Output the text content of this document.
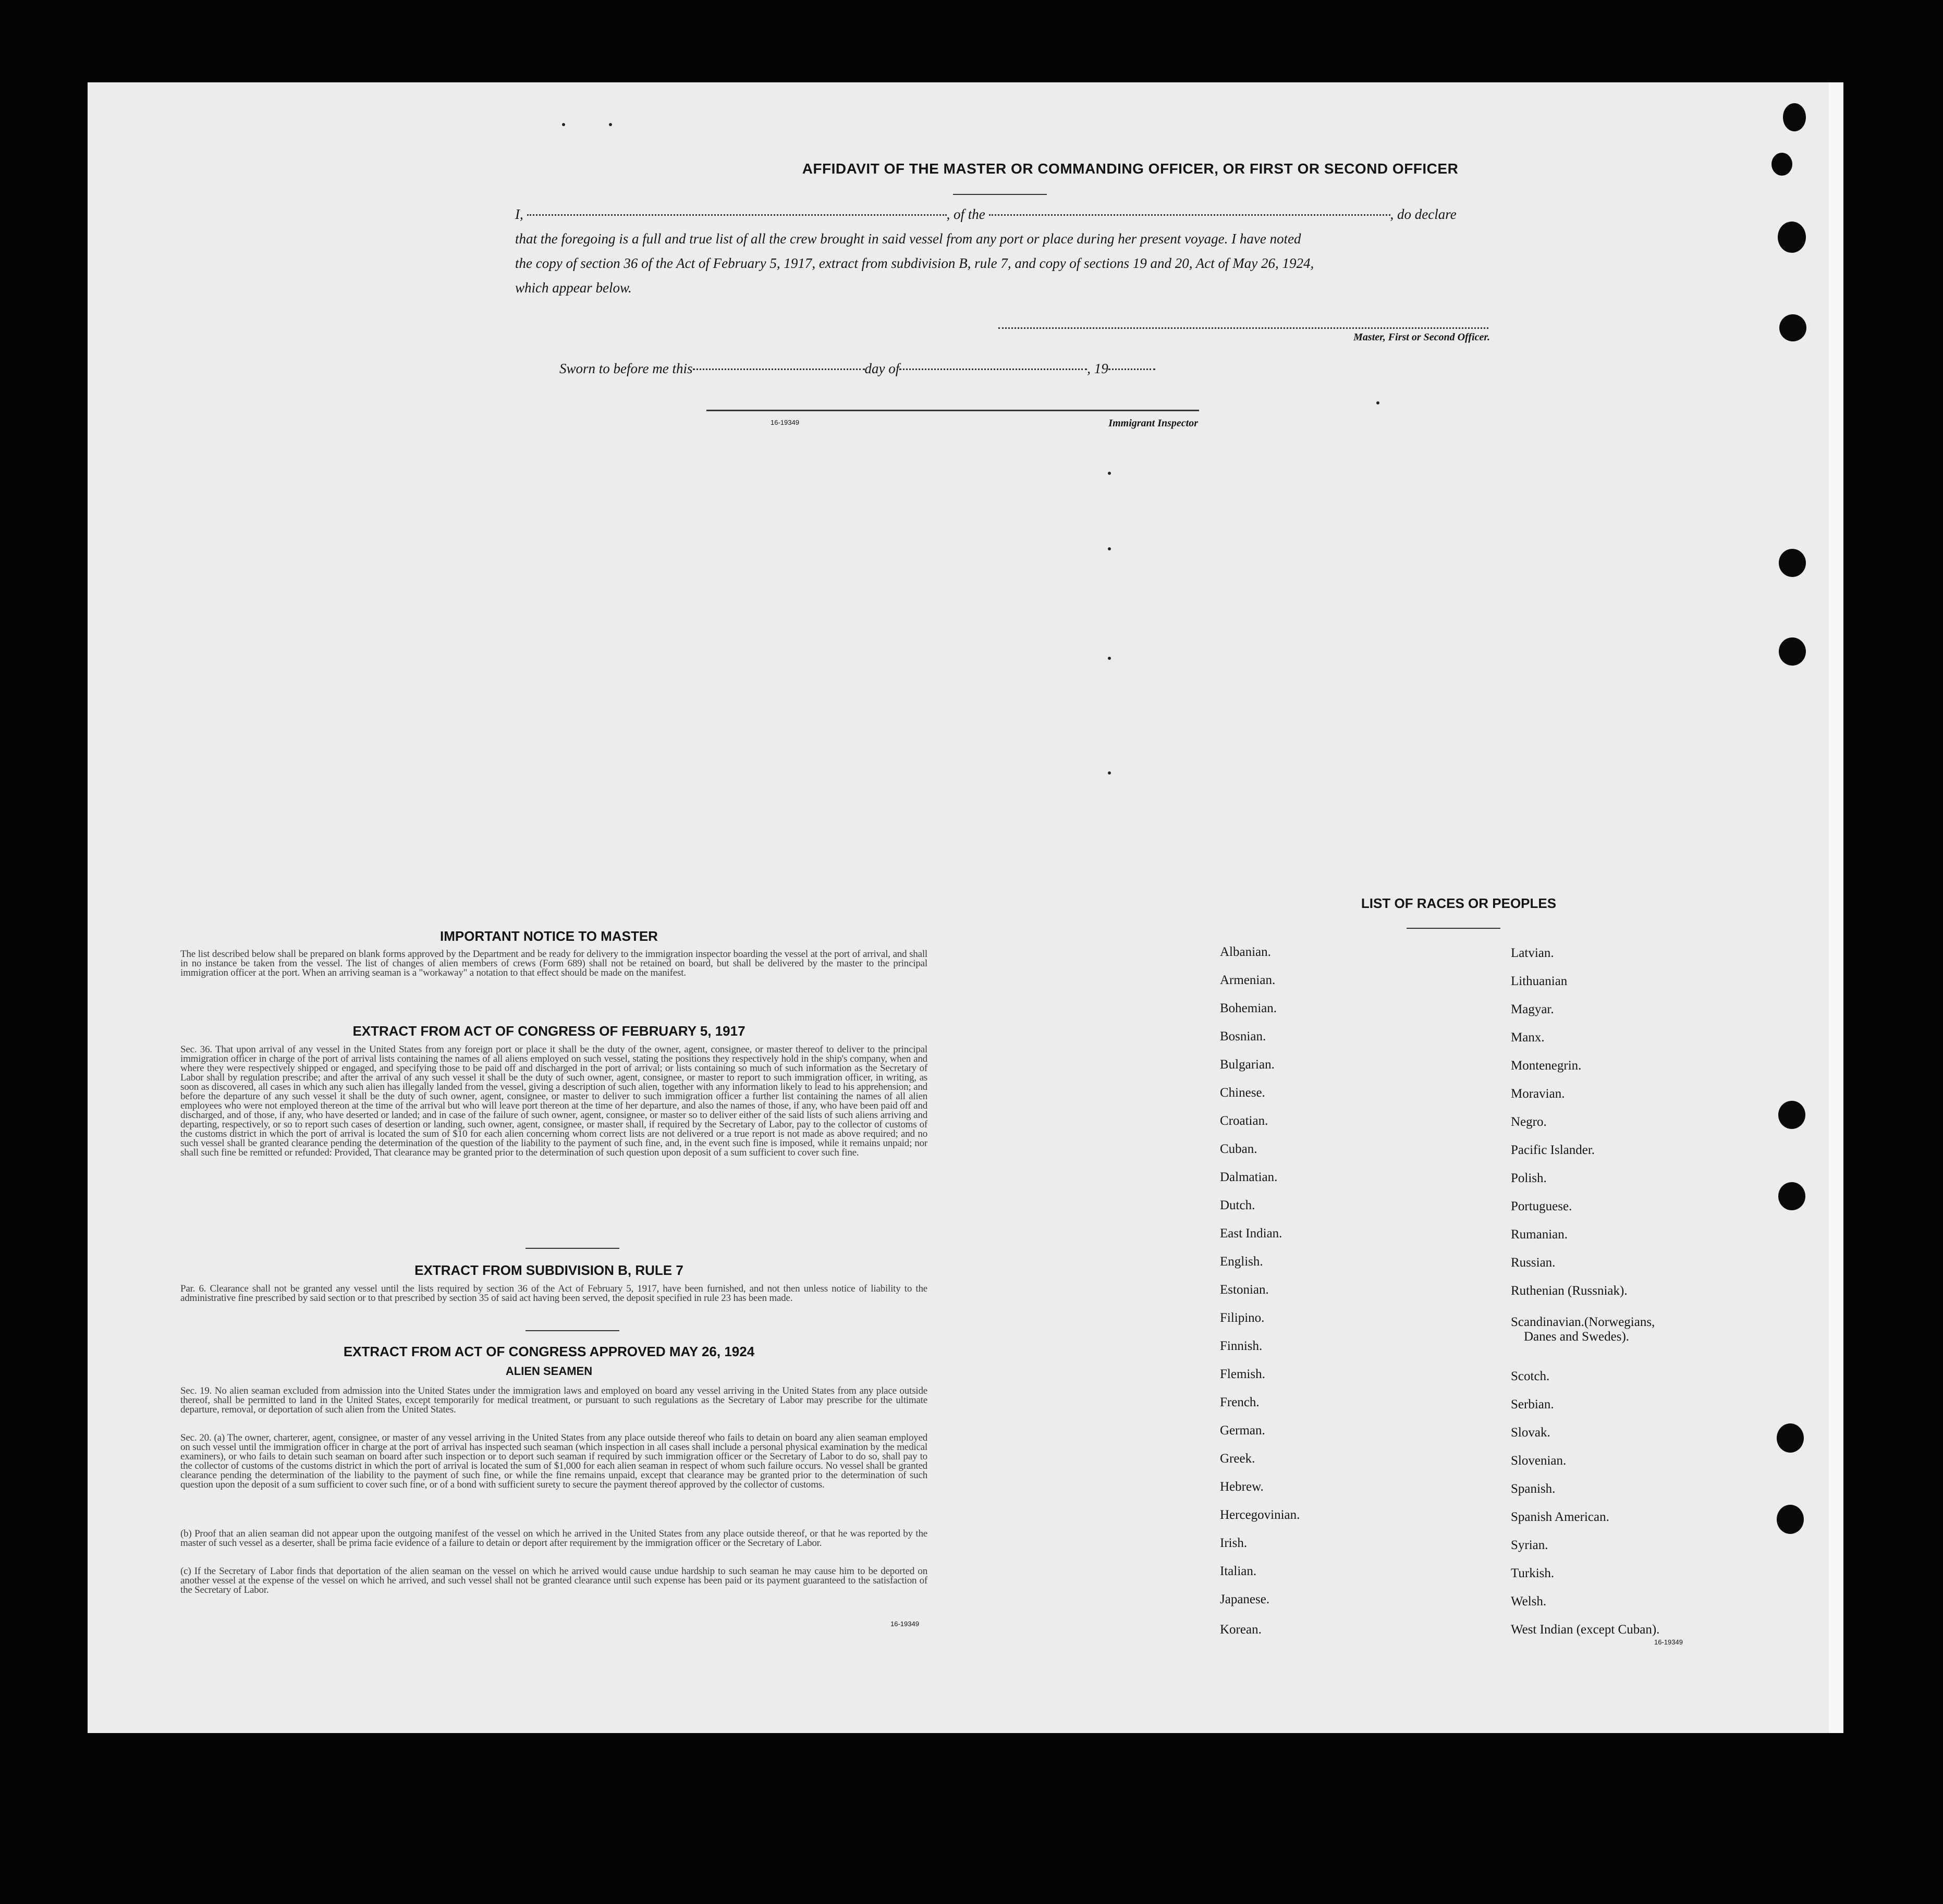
AFFIDAVIT OF THE MASTER OR COMMANDING OFFICER, OR FIRST OR SECOND OFFICER
I,	, of the	, do declare
that the foregoing is a full and true list of all the crew brought in said vessel from any port or place during her present voyage. I have noted
the copy of section 36 of the Act of February 5, 1917, extract from subdivision B, rule 7, and copy of sections 19 and 20, Act of May 26, 1924,
which appear below.
Master, First or Second Officer.
Sworn to before me this	day of	, 19
16-19349	Immigrant Inspector
IMPORTANT NOTICE TO MASTER
The list described below shall be prepared on blank forms approved by the Department and be ready for delivery to the immigration inspector boarding the vessel at the port of arrival, and shall in no instance be taken from the vessel. The list of changes of alien members of crews (Form 689) shall not be retained on board, but shall be delivered by the master to the principal immigration officer at the port. When an arriving seaman is a "workaway" a notation to that effect should be made on the manifest.
EXTRACT FROM ACT OF CONGRESS OF FEBRUARY 5, 1917
Sec. 36. That upon arrival of any vessel in the United States from any foreign port or place it shall be the duty of the owner, agent, consignee, or master thereof to deliver to the principal immigration officer in charge of the port of arrival lists containing the names of all aliens employed on such vessel, stating the positions they respectively hold in the ship's company, when and where they were respectively shipped or engaged, and specifying those to be paid off and discharged in the port of arrival; or lists containing so much of such information as the Secretary of Labor shall by regulation prescribe; and after the arrival of any such vessel it shall be the duty of such owner, agent, consignee, or master to report to such immigration officer, in writing, as soon as discovered, all cases in which any such alien has illegally landed from the vessel, giving a description of such alien, together with any information likely to lead to his apprehension; and before the departure of any such vessel it shall be the duty of such owner, agent, consignee, or master to deliver to such immigration officer a further list containing the names of all alien employees who were not employed thereon at the time of the arrival but who will leave port thereon at the time of her departure, and also the names of those, if any, who have been paid off and discharged, and of those, if any, who have deserted or landed; and in case of the failure of such owner, agent, consignee, or master so to deliver either of the said lists of such aliens arriving and departing, respectively, or so to report such cases of desertion or landing, such owner, agent, consignee, or master shall, if required by the Secretary of Labor, pay to the collector of customs of the customs district in which the port of arrival is located the sum of $10 for each alien concerning whom correct lists are not delivered or a true report is not made as above required; and no such vessel shall be granted clearance pending the determination of the question of the liability to the payment of such fine, and, in the event such fine is imposed, while it remains unpaid; nor shall such fine be remitted or refunded: Provided, That clearance may be granted prior to the determination of such question upon deposit of a sum sufficient to cover such fine.
EXTRACT FROM SUBDIVISION B, RULE 7
Par. 6. Clearance shall not be granted any vessel until the lists required by section 36 of the Act of February 5, 1917, have been furnished, and not then unless notice of liability to the administrative fine prescribed by said section or to that prescribed by section 35 of said act having been served, the deposit specified in rule 23 has been made.
EXTRACT FROM ACT OF CONGRESS APPROVED MAY 26, 1924
ALIEN SEAMEN
Sec. 19. No alien seaman excluded from admission into the United States under the immigration laws and employed on board any vessel arriving in the United States from any place outside thereof, shall be permitted to land in the United States, except temporarily for medical treatment, or pursuant to such regulations as the Secretary of Labor may prescribe for the ultimate departure, removal, or deportation of such alien from the United States.
Sec. 20. (a) The owner, charterer, agent, consignee, or master of any vessel arriving in the United States from any place outside thereof who fails to detain on board any alien seaman employed on such vessel until the immigration officer in charge at the port of arrival has inspected such seaman (which inspection in all cases shall include a personal physical examination by the medical examiners), or who fails to detain such seaman on board after such inspection or to deport such seaman if required by such immigration officer or the Secretary of Labor to do so, shall pay to the collector of customs of the customs district in which the port of arrival is located the sum of $1,000 for each alien seaman in respect of whom such failure occurs. No vessel shall be granted clearance pending the determination of the liability to the payment of such fine, or while the fine remains unpaid, except that clearance may be granted prior to the determination of such question upon the deposit of a sum sufficient to cover such fine, or of a bond with sufficient surety to secure the payment thereof approved by the collector of customs.
(b) Proof that an alien seaman did not appear upon the outgoing manifest of the vessel on which he arrived in the United States from any place outside thereof, or that he was reported by the master of such vessel as a deserter, shall be prima facie evidence of a failure to detain or deport after requirement by the immigration officer or the Secretary of Labor.
(c) If the Secretary of Labor finds that deportation of the alien seaman on the vessel on which he arrived would cause undue hardship to such seaman he may cause him to be deported on another vessel at the expense of the vessel on which he arrived, and such vessel shall not be granted clearance until such expense has been paid or its payment guaranteed to the satisfaction of the Secretary of Labor.
16-19349
LIST OF RACES OR PEOPLES
Albanian.
Armenian.
Bohemian.
Bosnian.
Bulgarian.
Chinese.
Croatian.
Cuban.
Dalmatian.
Dutch.
East Indian.
English.
Estonian.
Filipino.
Finnish.
Flemish.
French.
German.
Greek.
Hebrew.
Hercegovinian.
Irish.
Italian.
Japanese.
Korean.
Latvian.
Lithuanian
Magyar.
Manx.
Montenegrin.
Moravian.
Negro.
Pacific Islander.
Polish.
Portuguese.
Rumanian.
Russian.
Ruthenian (Russniak).
Scandinavian.(Norwegians,
Danes and Swedes).
Scotch.
Serbian.
Slovak.
Slovenian.
Spanish.
Spanish American.
Syrian.
Turkish.
Welsh.
West Indian (except Cuban).
16-19349
